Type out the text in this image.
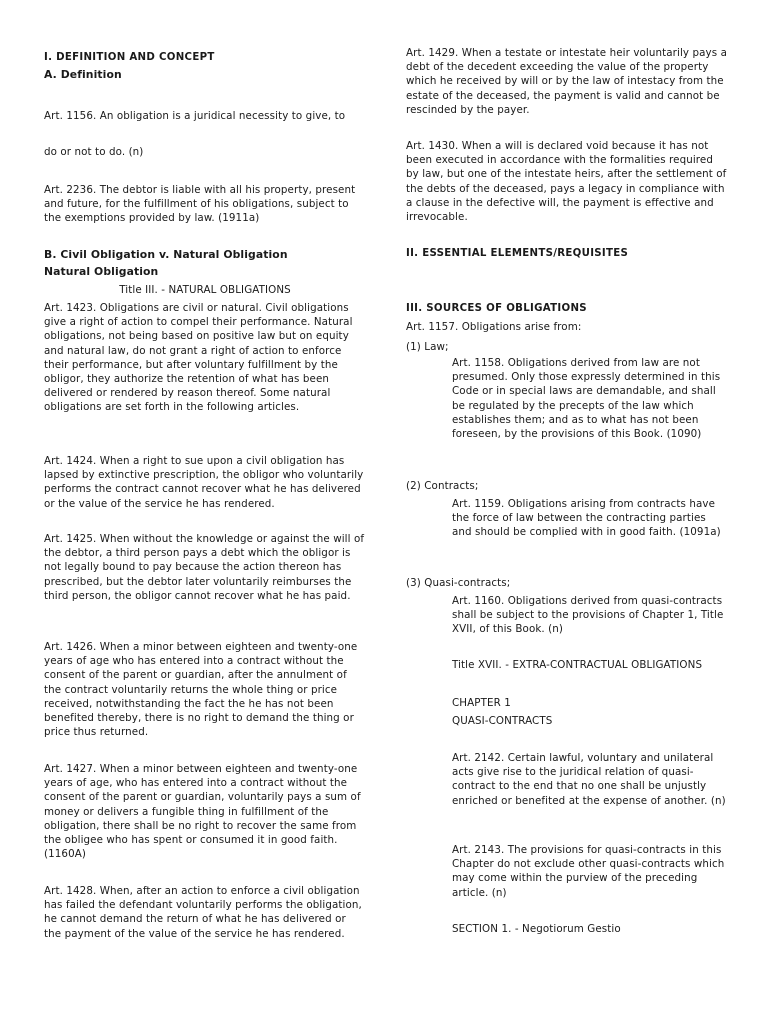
I. DEFINITION AND CONCEPT

A. Definition

Art. 1156. An obligation is a juridical necessity to give, to

do or not to do. (n)

Art. 2236. The debtor is liable with all his property, present and future, for the fulfillment of his obligations, subject to the exemptions provided by law. (1911a)

B. Civil Obligation v. Natural Obligation

Natural Obligation

Title III. - NATURAL OBLIGATIONS

Art. 1423. Obligations are civil or natural. Civil obligations give a right of action to compel their performance. Natural obligations, not being based on positive law but on equity and natural law, do not grant a right of action to enforce their performance, but after voluntary fulfillment by the obligor, they authorize the retention of what has been delivered or rendered by reason thereof. Some natural obligations are set forth in the following articles.

Art. 1424. When a right to sue upon a civil obligation has lapsed by extinctive prescription, the obligor who voluntarily performs the contract cannot recover what he has delivered or the value of the service he has rendered.

Art. 1425. When without the knowledge or against the will of the debtor, a third person pays a debt which the obligor is not legally bound to pay because the action thereon has prescribed, but the debtor later voluntarily reimburses the third person, the obligor cannot recover what he has paid.

Art. 1426. When a minor between eighteen and twenty-one years of age who has entered into a contract without the consent of the parent or guardian, after the annulment of the contract voluntarily returns the whole thing or price received, notwithstanding the fact the he has not been benefited thereby, there is no right to demand the thing or price thus returned.

Art. 1427. When a minor between eighteen and twenty-one years of age, who has entered into a contract without the consent of the parent or guardian, voluntarily pays a sum of money or delivers a fungible thing in fulfillment of the obligation, there shall be no right to recover the same from the obligee who has spent or consumed it in good faith. (1160A)

Art. 1428. When, after an action to enforce a civil obligation has failed the defendant voluntarily performs the obligation, he cannot demand the return of what he has delivered or the payment of the value of the service he has rendered.

Art. 1429. When a testate or intestate heir voluntarily pays a debt of the decedent exceeding the value of the property which he received by will or by the law of intestacy from the estate of the deceased, the payment is valid and cannot be rescinded by the payer.

Art. 1430. When a will is declared void because it has not been executed in accordance with the formalities required by law, but one of the intestate heirs, after the settlement of the debts of the deceased, pays a legacy in compliance with a clause in the defective will, the payment is effective and irrevocable.

II. ESSENTIAL ELEMENTS/REQUISITES

III. SOURCES OF OBLIGATIONS

Art. 1157. Obligations arise from:

(1) Law;

Art. 1158. Obligations derived from law are not presumed. Only those expressly determined in this Code or in special laws are demandable, and shall be regulated by the precepts of the law which establishes them; and as to what has not been foreseen, by the provisions of this Book. (1090)

(2) Contracts;

Art. 1159. Obligations arising from contracts have the force of law between the contracting parties and should be complied with in good faith. (1091a)

(3) Quasi-contracts;

Art. 1160. Obligations derived from quasi-contracts shall be subject to the provisions of Chapter 1, Title XVII, of this Book. (n)

Title XVII. - EXTRA-CONTRACTUAL OBLIGATIONS

CHAPTER 1

QUASI-CONTRACTS

Art. 2142. Certain lawful, voluntary and unilateral acts give rise to the juridical relation of quasi-contract to the end that no one shall be unjustly enriched or benefited at the expense of another. (n)

Art. 2143. The provisions for quasi-contracts in this Chapter do not exclude other quasi-contracts which may come within the purview of the preceding article. (n)

SECTION 1. - Negotiorum Gestio
